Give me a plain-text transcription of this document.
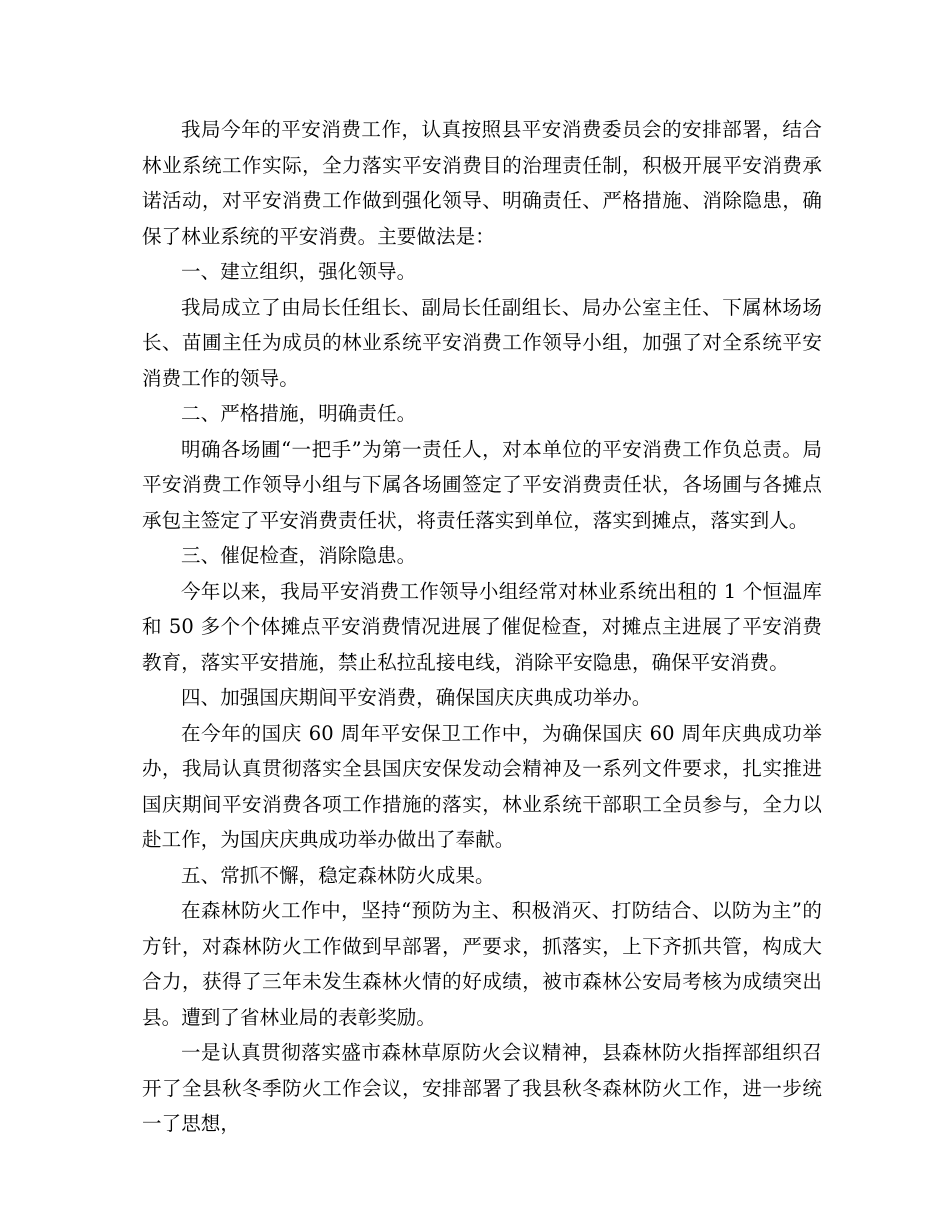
我局今年的平安消费工作，认真按照县平安消费委员会的安排部署，结合林业系统工作实际，全力落实平安消费目的治理责任制，积极开展平安消费承诺活动，对平安消费工作做到强化领导、明确责任、严格措施、消除隐患，确保了林业系统的平安消费。主要做法是：

一、建立组织，强化领导。

我局成立了由局长任组长、副局长任副组长、局办公室主任、下属林场场长、苗圃主任为成员的林业系统平安消费工作领导小组，加强了对全系统平安消费工作的领导。

二、严格措施，明确责任。

明确各场圃“一把手”为第一责任人，对本单位的平安消费工作负总责。局平安消费工作领导小组与下属各场圃签定了平安消费责任状，各场圃与各摊点承包主签定了平安消费责任状，将责任落实到单位，落实到摊点，落实到人。

三、催促检查，消除隐患。

今年以来，我局平安消费工作领导小组经常对林业系统出租的 1 个恒温库和 50 多个个体摊点平安消费情况进展了催促检查，对摊点主进展了平安消费教育，落实平安措施，禁止私拉乱接电线，消除平安隐患，确保平安消费。

四、加强国庆期间平安消费，确保国庆庆典成功举办。

在今年的国庆 60 周年平安保卫工作中，为确保国庆 60 周年庆典成功举办，我局认真贯彻落实全县国庆安保发动会精神及一系列文件要求，扎实推进国庆期间平安消费各项工作措施的落实，林业系统干部职工全员参与，全力以赴工作，为国庆庆典成功举办做出了奉献。

五、常抓不懈，稳定森林防火成果。

在森林防火工作中，坚持“预防为主、积极消灭、打防结合、以防为主”的方针，对森林防火工作做到早部署，严要求，抓落实，上下齐抓共管，构成大合力，获得了三年未发生森林火情的好成绩，被市森林公安局考核为成绩突出县。遭到了省林业局的表彰奖励。

一是认真贯彻落实盛市森林草原防火会议精神，县森林防火指挥部组织召开了全县秋冬季防火工作会议，安排部署了我县秋冬森林防火工作，进一步统一了思想，
